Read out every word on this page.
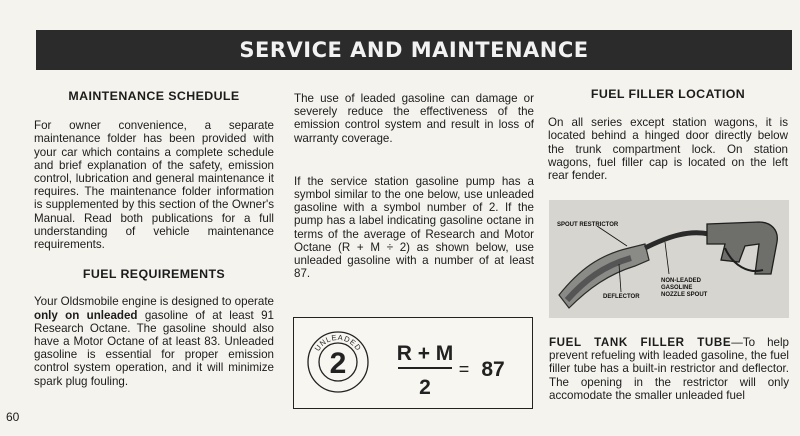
SERVICE AND MAINTENANCE
MAINTENANCE SCHEDULE

For owner convenience, a separate maintenance folder has been provided with your car which contains a complete schedule and brief explanation of the safety, emission control, lubrication and general maintenance it requires. The maintenance folder information is supplemented by this section of the Owner's Manual. Read both publications for a full understanding of vehicle maintenance requirements.

FUEL REQUIREMENTS

Your Oldsmobile engine is designed to operate only on unleaded gasoline of at least 91 Research Octane. The gasoline should also have a Motor Octane of at least 83. Unleaded gasoline is essential for proper emission control system operation, and it will minimize spark plug fouling.

The use of leaded gasoline can damage or severely reduce the effectiveness of the emission control system and result in loss of warranty coverage.

If the service station gasoline pump has a symbol similar to the one below, use unleaded gasoline with a symbol number of 2. If the pump has a label indicating gasoline octane in terms of the average of Research and Motor Octane (R + M ÷ 2) as shown below, use unleaded gasoline with a number of at least 87.

UNLEADED
2 R + M
2
= 87
FUEL FILLER LOCATION

On all series except station wagons, it is located behind a hinged door directly below the trunk compartment lock. On station wagons, fuel filler cap is located on the left rear fender.

SPOUT RESTRICTOR
NON-LEADED
GASOLINE
NOZZLE SPOUT
DEFLECTOR

FUEL TANK FILLER TUBE—To help prevent refueling with leaded gasoline, the fuel filler tube has a built-in restrictor and deflector. The opening in the restrictor will only accomodate the smaller unleaded fuel

60
